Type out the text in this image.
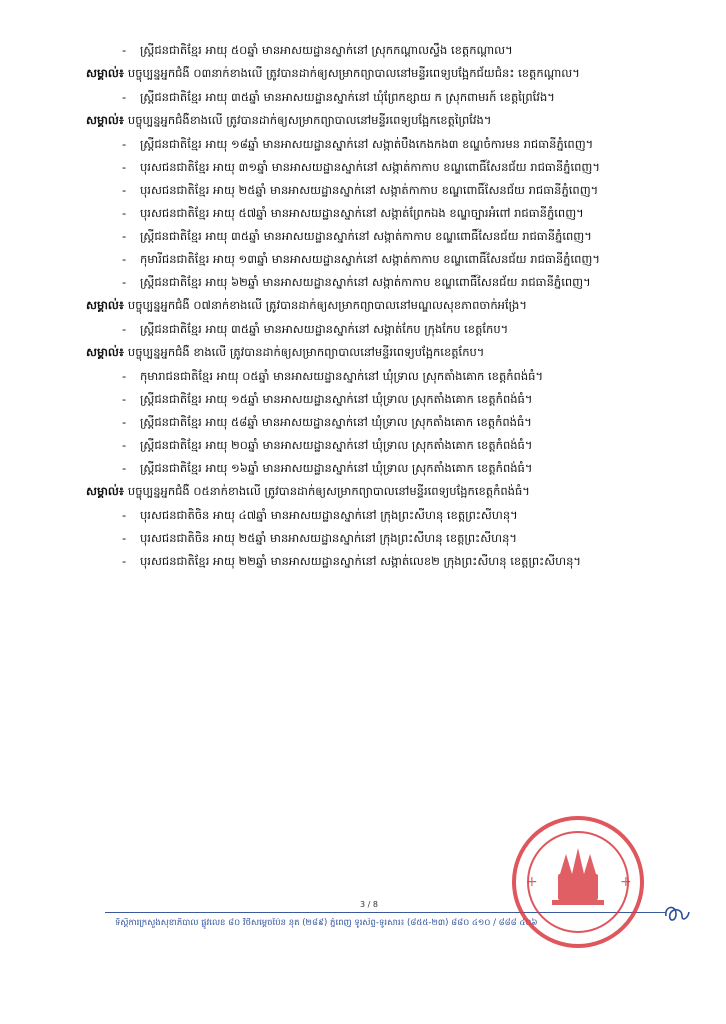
- ស្ត្រីជនជាតិខ្មែរ អាយុ ៥០ឆ្នាំ មានអាសយដ្ឋានស្នាក់នៅ ស្រុកកណ្ដាលស្ទឹង ខេត្តកណ្ដាល។
សម្គាល់៖ បច្ចុប្បន្នអ្នកជំងឺ ០៣នាក់ខាងលើ ត្រូវបានដាក់ឲ្យសម្រាកព្យាបាលនៅមន្ទីរពេទ្យបង្អែកជ័យជំនះ ខេត្តកណ្ដាល។
- ស្ត្រីជនជាតិខ្មែរ អាយុ ៣៥ឆ្នាំ មានអាសយដ្ឋានស្នាក់នៅ ឃុំព្រែកខ្សាយ ក ស្រុកពាមរក៍ ខេត្តព្រៃវែង។
សម្គាល់៖ បច្ចុប្បន្នអ្នកជំងឺខាងលើ ត្រូវបានដាក់ឲ្យសម្រាកព្យាបាលនៅមន្ទីរពេទ្យបង្អែកខេត្តព្រៃវែង។
- ស្ត្រីជនជាតិខ្មែរ អាយុ ១៨ឆ្នាំ មានអាសយដ្ឋានស្នាក់នៅ សង្កាត់បឹងកេងកង៣ ខណ្ឌចំការមន រាជធានីភ្នំពេញ។
- បុរសជនជាតិខ្មែរ អាយុ ៣១ឆ្នាំ មានអាសយដ្ឋានស្នាក់នៅ សង្កាត់កាកាប ខណ្ឌពោធិ៍សែនជ័យ រាជធានីភ្នំពេញ។
- បុរសជនជាតិខ្មែរ អាយុ ២៥ឆ្នាំ មានអាសយដ្ឋានស្នាក់នៅ សង្កាត់កាកាប ខណ្ឌពោធិ៍សែនជ័យ រាជធានីភ្នំពេញ។
- បុរសជនជាតិខ្មែរ អាយុ ៥៧ឆ្នាំ មានអាសយដ្ឋានស្នាក់នៅ សង្កាត់ព្រែកឯង ខណ្ឌច្បារអំពៅ រាជធានីភ្នំពេញ។
- ស្ត្រីជនជាតិខ្មែរ អាយុ ៣៥ឆ្នាំ មានអាសយដ្ឋានស្នាក់នៅ សង្កាត់កាកាប ខណ្ឌពោធិ៍សែនជ័យ រាជធានីភ្នំពេញ។
- កុមារីជនជាតិខ្មែរ អាយុ ១៣ឆ្នាំ មានអាសយដ្ឋានស្នាក់នៅ សង្កាត់កាកាប ខណ្ឌពោធិ៍សែនជ័យ រាជធានីភ្នំពេញ។
- ស្ត្រីជនជាតិខ្មែរ អាយុ ៦២ឆ្នាំ មានអាសយដ្ឋានស្នាក់នៅ សង្កាត់កាកាប ខណ្ឌពោធិ៍សែនជ័យ រាជធានីភ្នំពេញ។
សម្គាល់៖ បច្ចុប្បន្នអ្នកជំងឺ ០៧នាក់ខាងលើ ត្រូវបានដាក់ឲ្យសម្រាកព្យាបាលនៅមណ្ឌលសុខភាពចាក់អង្រែ។
- ស្ត្រីជនជាតិខ្មែរ អាយុ ៣៥ឆ្នាំ មានអាសយដ្ឋានស្នាក់នៅ សង្កាត់កែប ក្រុងកែប ខេត្តកែប។
សម្គាល់៖ បច្ចុប្បន្នអ្នកជំងឺ ខាងលើ ត្រូវបានដាក់ឲ្យសម្រាកព្យាបាលនៅមន្ទីរពេទ្យបង្អែកខេត្តកែប។
- កុមារាជនជាតិខ្មែរ អាយុ ០៥ឆ្នាំ មានអាសយដ្ឋានស្នាក់នៅ ឃុំទ្រាល ស្រុកតាំងគោក ខេត្តកំពង់ធំ។
- ស្ត្រីជនជាតិខ្មែរ អាយុ ១៥ឆ្នាំ មានអាសយដ្ឋានស្នាក់នៅ ឃុំទ្រាល ស្រុកតាំងគោក ខេត្តកំពង់ធំ។
- ស្ត្រីជនជាតិខ្មែរ អាយុ ៥៨ឆ្នាំ មានអាសយដ្ឋានស្នាក់នៅ ឃុំទ្រាល ស្រុកតាំងគោក ខេត្តកំពង់ធំ។
- ស្ត្រីជនជាតិខ្មែរ អាយុ ២០ឆ្នាំ មានអាសយដ្ឋានស្នាក់នៅ ឃុំទ្រាល ស្រុកតាំងគោក ខេត្តកំពង់ធំ។
- ស្ត្រីជនជាតិខ្មែរ អាយុ ១៦ឆ្នាំ មានអាសយដ្ឋានស្នាក់នៅ ឃុំទ្រាល ស្រុកតាំងគោក ខេត្តកំពង់ធំ។
សម្គាល់៖ បច្ចុប្បន្នអ្នកជំងឺ ០៥នាក់ខាងលើ ត្រូវបានដាក់ឲ្យសម្រាកព្យាបាលនៅមន្ទីរពេទ្យបង្អែកខេត្តកំពង់ធំ។
- បុរសជនជាតិចិន អាយុ ៤៧ឆ្នាំ មានអាសយដ្ឋានស្នាក់នៅ ក្រុងព្រះសីហនុ ខេត្តព្រះសីហនុ។
- បុរសជនជាតិចិន អាយុ ២៥ឆ្នាំ មានអាសយដ្ឋានស្នាក់នៅ ក្រុងព្រះសីហនុ ខេត្តព្រះសីហនុ។
- បុរសជនជាតិខ្មែរ អាយុ ២២ឆ្នាំ មានអាសយដ្ឋានស្នាក់នៅ សង្កាត់លេខ២ ក្រុងព្រះសីហនុ ខេត្តព្រះសីហនុ។
3 / 8
ទីស្តីការក្រសួងសុខាភិបាល ផ្លូវលេខ ៨០ វិថីសម្ដេចប៉ែន នុត (២៨៩) ភ្នំពេញ ទូរស័ព្ទ-ទូរសារ៖ (៨៥៥-២៣) ៨៨០ ៤១០ / ៨៨៨ ៤០៦
+	+
